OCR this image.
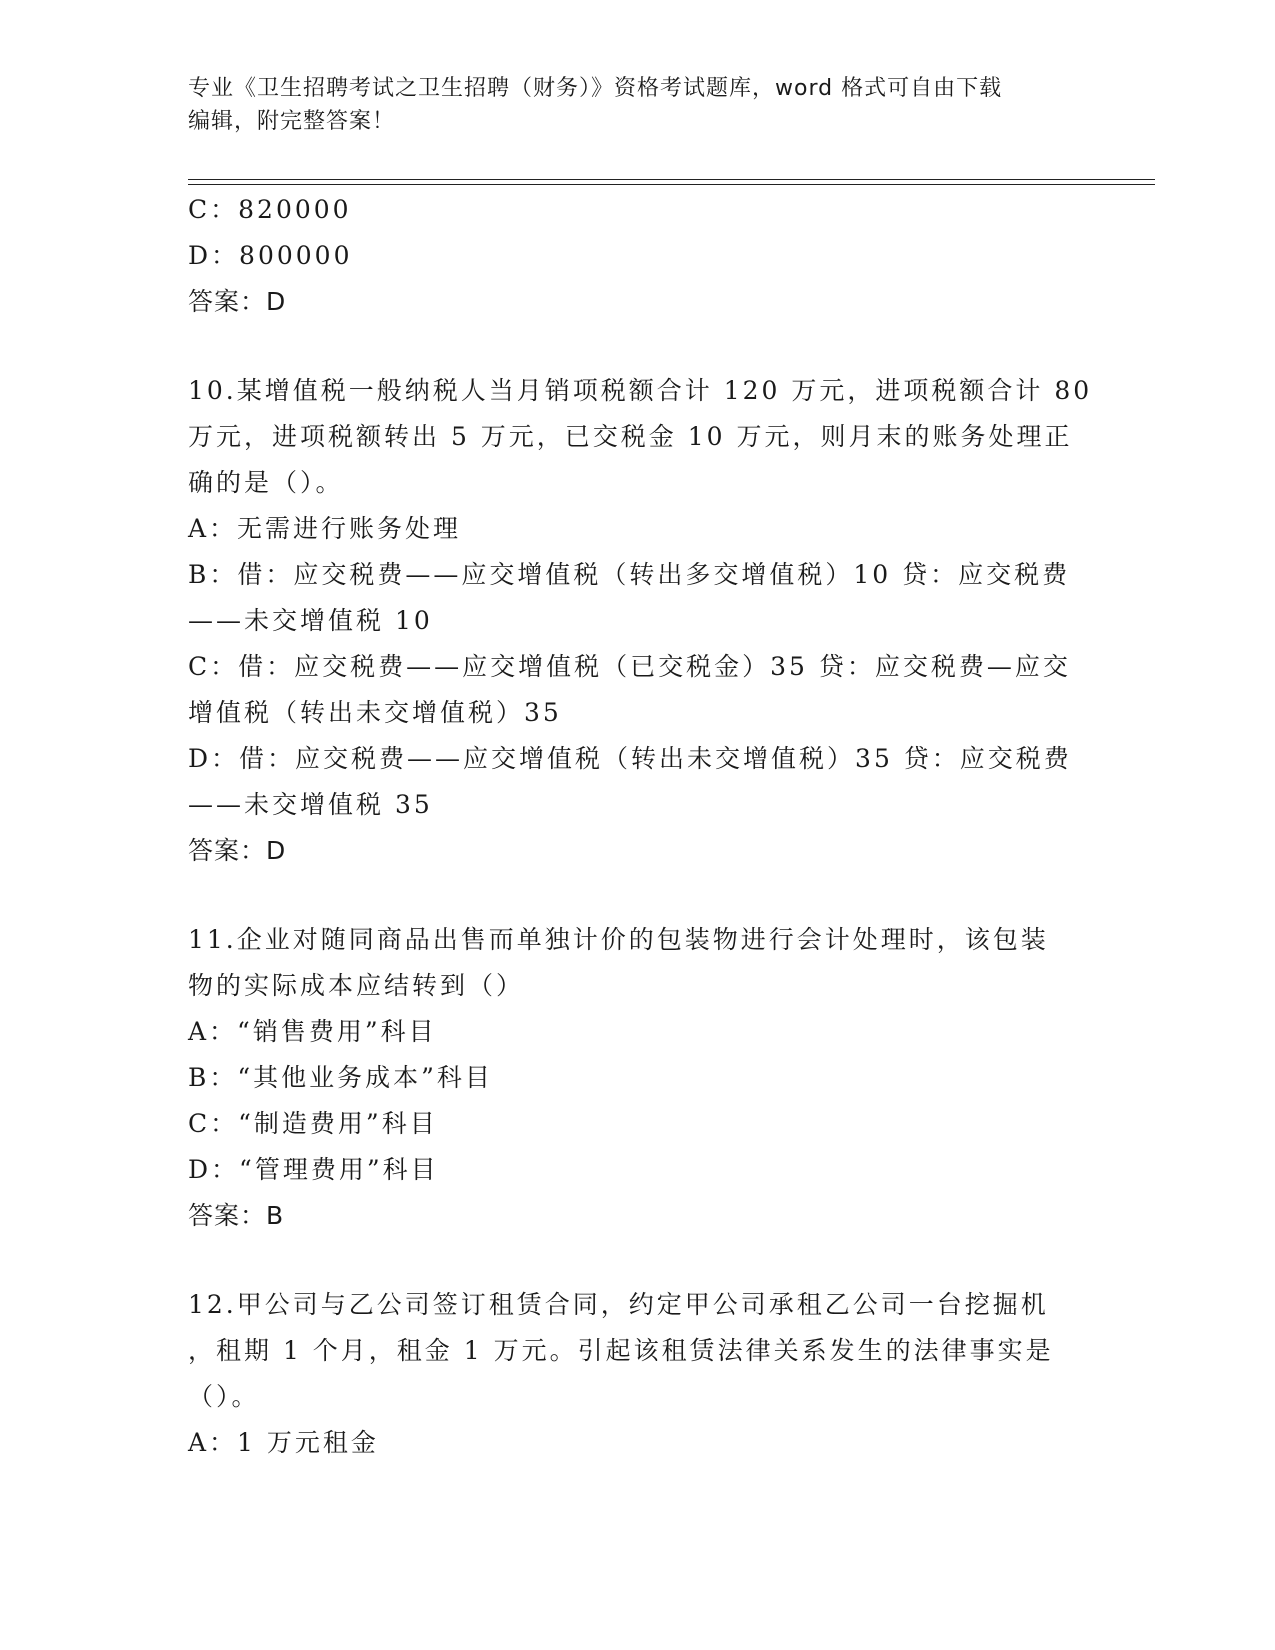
专业《卫生招聘考试之卫生招聘（财务）》资格考试题库，word 格式可自由下载
编辑，附完整答案！
C：820000
D：800000
答案：D
10.某增值税一般纳税人当月销项税额合计 120 万元，进项税额合计 80
万元，进项税额转出 5 万元，已交税金 10 万元，则月末的账务处理正
确的是（）。
A：无需进行账务处理
B：借：应交税费——应交增值税（转出多交增值税）10 贷：应交税费
——未交增值税 10
C：借：应交税费——应交增值税（已交税金）35 贷：应交税费—应交
增值税（转出未交增值税）35
D：借：应交税费——应交增值税（转出未交增值税）35 贷：应交税费
——未交增值税 35
答案：D
11.企业对随同商品出售而单独计价的包装物进行会计处理时，该包装
物的实际成本应结转到（）
A：“销售费用”科目
B：“其他业务成本”科目
C：“制造费用”科目
D：“管理费用”科目
答案：B
12.甲公司与乙公司签订租赁合同，约定甲公司承租乙公司一台挖掘机
，租期 1 个月，租金 1 万元。引起该租赁法律关系发生的法律事实是
（）。
A：1 万元租金
